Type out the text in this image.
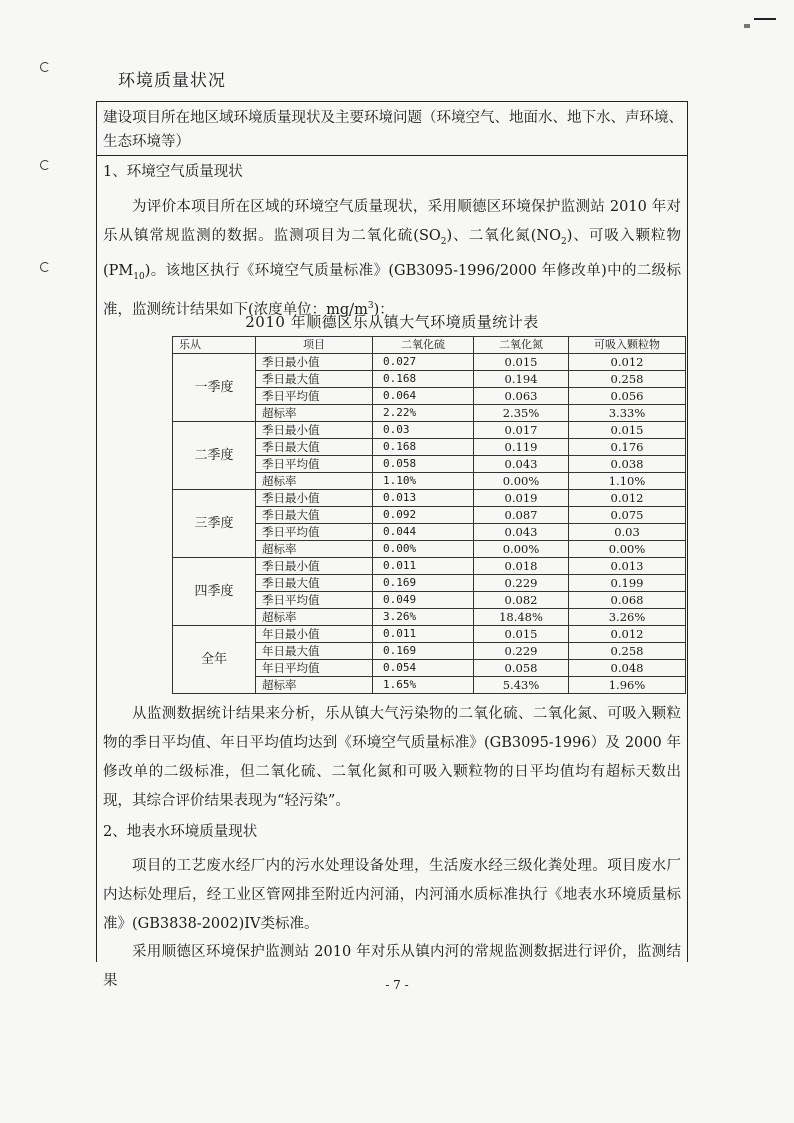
环境质量状况
建设项目所在地区域环境质量现状及主要环境问题（环境空气、地面水、地下水、声环境、生态环境等）
1、环境空气质量现状
为评价本项目所在区域的环境空气质量现状，采用顺德区环境保护监测站 2010 年对乐从镇常规监测的数据。监测项目为二氧化硫$(SO_2)$、二氧化氮$(NO_2)$、可吸入颗粒物$(PM_{10})$。该地区执行《环境空气质量标准》(GB3095-1996/2000 年修改单)中的二级标准，监测统计结果如下(浓度单位：$mg/m^3$)：
2010 年顺德区乐从镇大气环境质量统计表
乐从	项目	二氧化硫	二氧化氮	可吸入颗粒物
一季度	季日最小值	0.027	0.015	0.012
	季日最大值	0.168	0.194	0.258
	季日平均值	0.064	0.063	0.056
	超标率	2.22%	2.35%	3.33%
二季度	季日最小值	0.03	0.017	0.015
	季日最大值	0.168	0.119	0.176
	季日平均值	0.058	0.043	0.038
	超标率	1.10%	0.00%	1.10%
三季度	季日最小值	0.013	0.019	0.012
	季日最大值	0.092	0.087	0.075
	季日平均值	0.044	0.043	0.03
	超标率	0.00%	0.00%	0.00%
四季度	季日最小值	0.011	0.018	0.013
	季日最大值	0.169	0.229	0.199
	季日平均值	0.049	0.082	0.068
	超标率	3.26%	18.48%	3.26%
全年	年日最小值	0.011	0.015	0.012
	年日最大值	0.169	0.229	0.258
	年日平均值	0.054	0.058	0.048
	超标率	1.65%	5.43%	1.96%
从监测数据统计结果来分析，乐从镇大气污染物的二氧化硫、二氧化氮、可吸入颗粒物的季日平均值、年日平均值均达到《环境空气质量标准》(GB3095-1996）及 2000 年修改单的二级标准，但二氧化硫、二氧化氮和可吸入颗粒物的日平均值均有超标天数出现，其综合评价结果表现为“轻污染”。
2、地表水环境质量现状
项目的工艺废水经厂内的污水处理设备处理，生活废水经三级化粪处理。项目废水厂内达标处理后，经工业区管网排至附近内河涌，内河涌水质标准执行《地表水环境质量标准》(GB3838-2002)IV类标准。
采用顺德区环境保护监测站 2010 年对乐从镇内河的常规监测数据进行评价，监测结果	- 7 -
